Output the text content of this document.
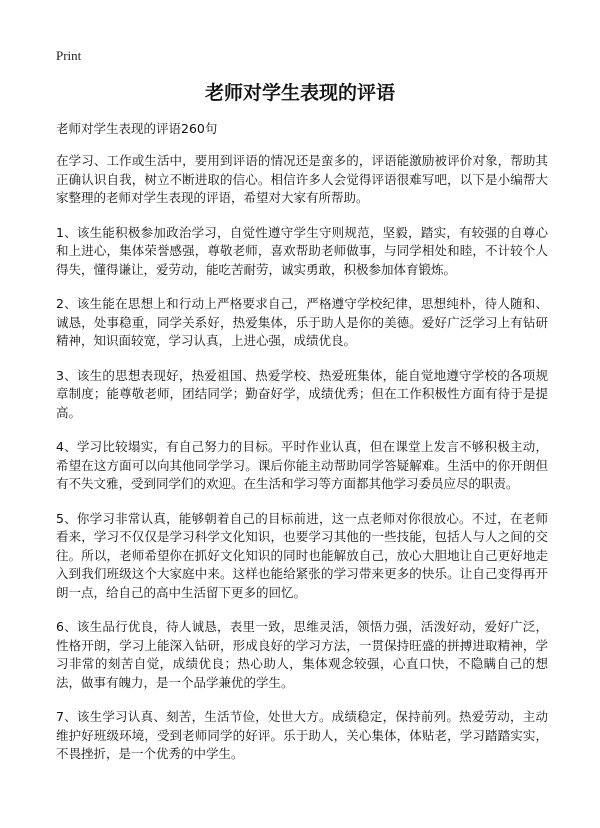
Print
老师对学生表现的评语

老师对学生表现的评语260句

在学习、工作或生活中，要用到评语的情况还是蛮多的，评语能激励被评价对象，帮助其正确认识自我，树立不断进取的信心。相信许多人会觉得评语很难写吧，以下是小编帮大家整理的老师对学生表现的评语，希望对大家有所帮助。

1、该生能积极参加政治学习，自觉性遵守学生守则规范，坚毅，踏实，有较强的自尊心和上进心，集体荣誉感强，尊敬老师，喜欢帮助老师做事，与同学相处和睦，不计较个人得失，懂得谦让，爱劳动，能吃苦耐劳，诚实勇敢，积极参加体育锻炼。

2、该生能在思想上和行动上严格要求自己，严格遵守学校纪律，思想纯朴，待人随和、诚恳，处事稳重，同学关系好，热爱集体，乐于助人是你的美德。爱好广泛学习上有钻研精神，知识面较宽，学习认真，上进心强，成绩优良。

3、该生的思想表现好，热爱祖国、热爱学校、热爱班集体，能自觉地遵守学校的各项规章制度；能尊敬老师，团结同学；勤奋好学，成绩优秀；但在工作积极性方面有待于是提高。

4、学习比较塌实，有自己努力的目标。平时作业认真，但在课堂上发言不够积极主动，希望在这方面可以向其他同学学习。课后你能主动帮助同学答疑解难。生活中的你开朗但有不失文雅，受到同学们的欢迎。在生活和学习等方面都其他学习委员应尽的职责。

5、你学习非常认真，能够朝着自己的目标前进，这一点老师对你很放心。不过，在老师看来，学习不仅仅是学习科学文化知识，也要学习其他的一些技能，包括人与人之间的交往。所以，老师希望你在抓好文化知识的同时也能解放自己，放心大胆地让自己更好地走入到我们班级这个大家庭中来。这样也能给紧张的学习带来更多的快乐。让自己变得再开朗一点，给自己的高中生活留下更多的回忆。

6、该生品行优良，待人诚恳，表里一致，思维灵活，领悟力强，活泼好动，爱好广泛，性格开朗，学习上能深入钻研，形成良好的学习方法，一贯保持旺盛的拼搏进取精神，学习非常的刻苦自觉，成绩优良；热心助人，集体观念较强，心直口快，不隐瞒自己的想法，做事有魄力，是一个品学兼优的学生。

7、该生学习认真、刻苦，生活节俭，处世大方。成绩稳定，保持前列。热爱劳动，主动维护好班级环境，受到老师同学的好评。乐于助人，关心集体，体贴老，学习踏踏实实，不畏挫折，是一个优秀的中学生。
